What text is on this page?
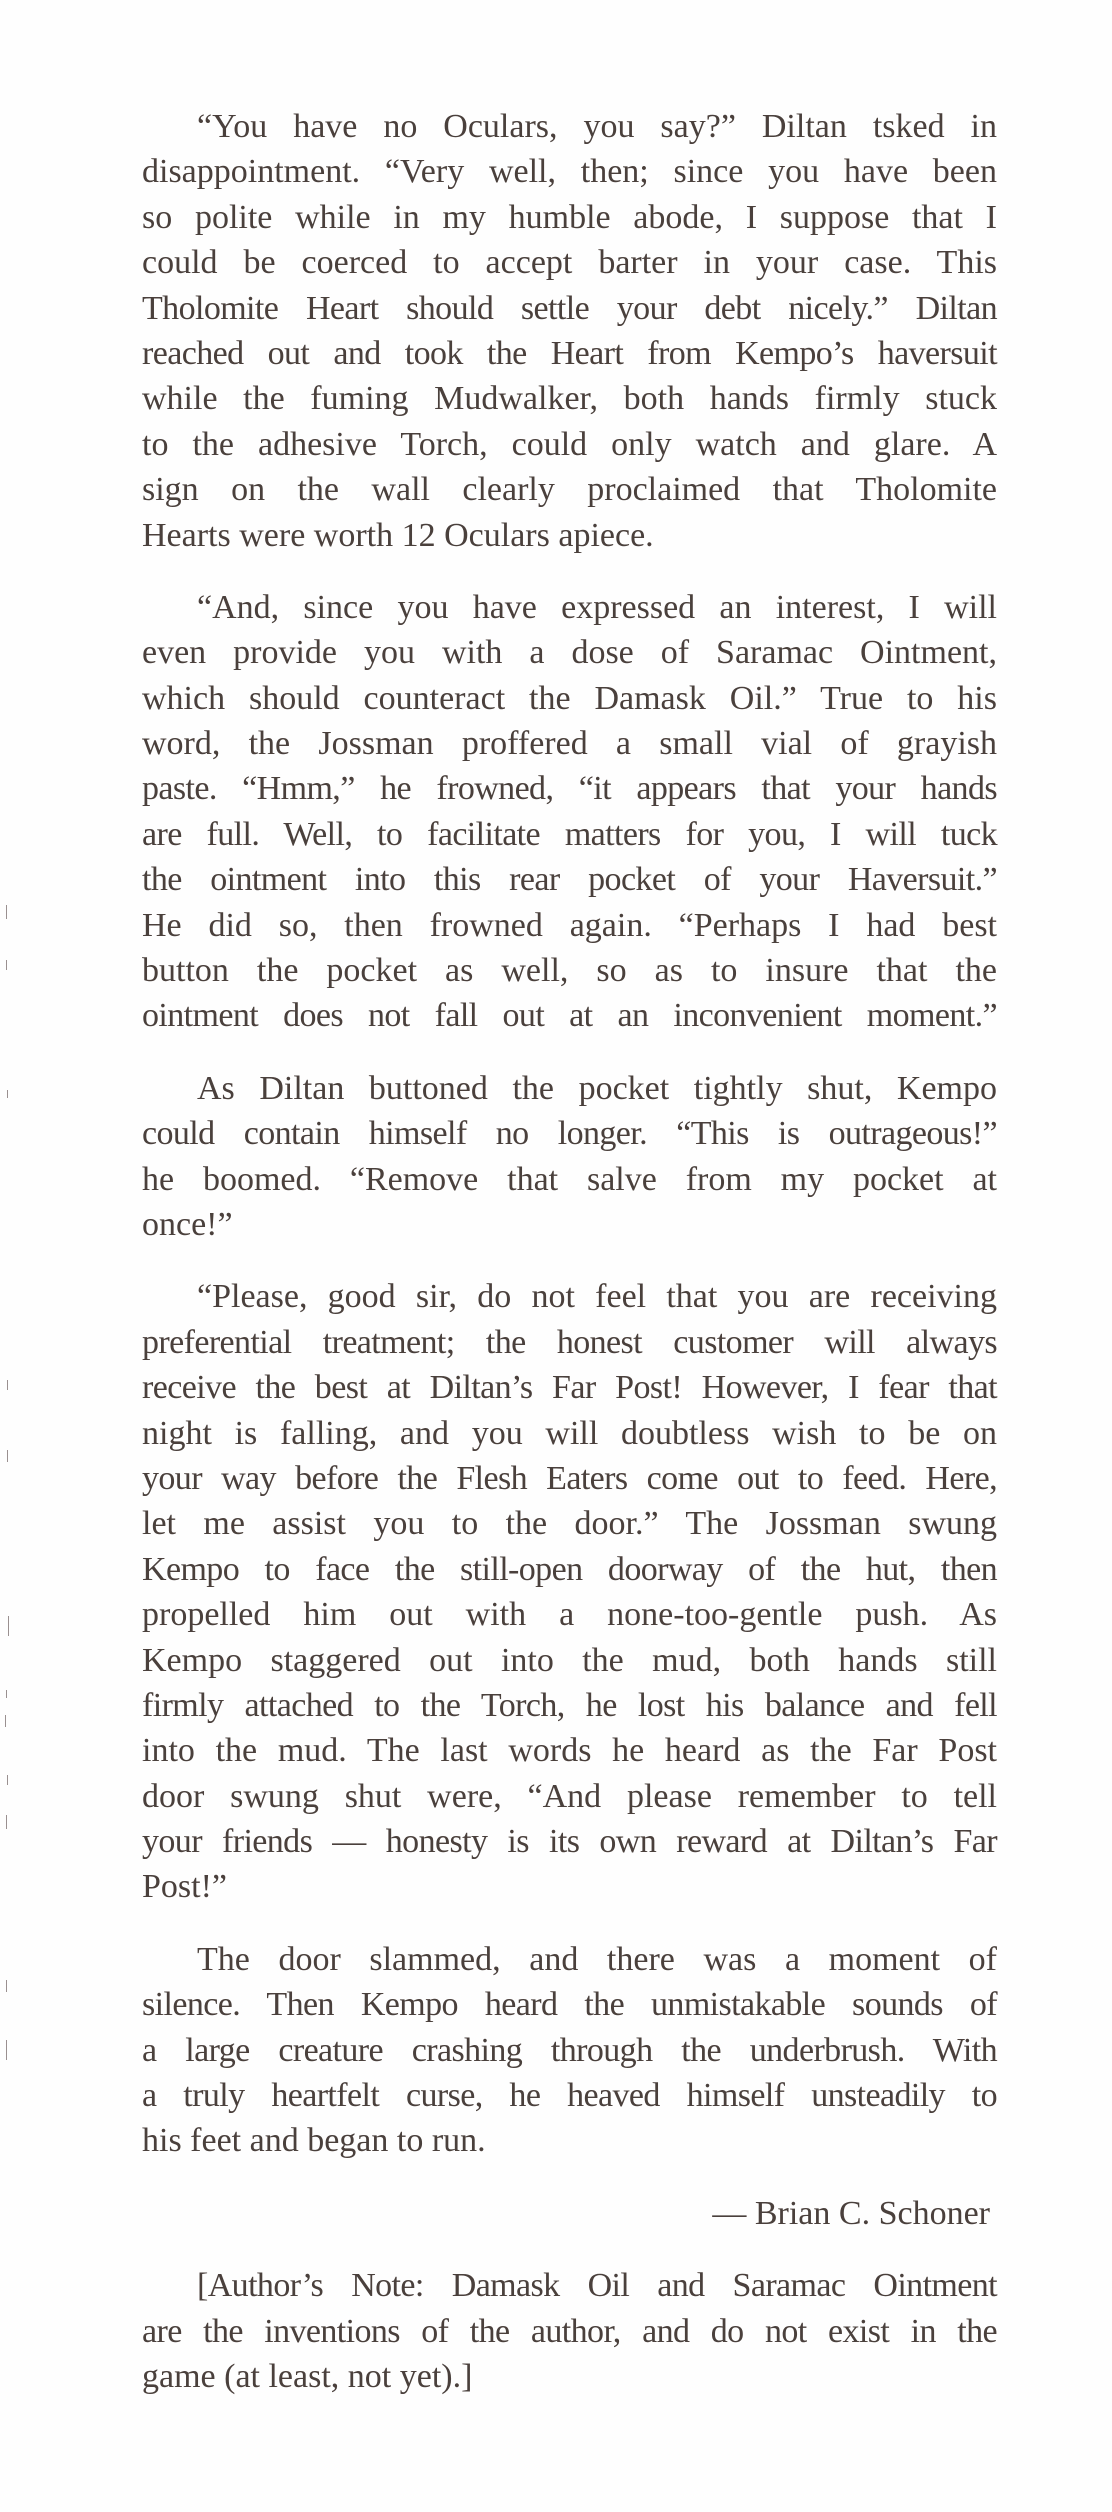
“You have no Oculars, you say?” Diltan tsked in
disappointment. “Very well, then; since you have been
so polite while in my humble abode, I suppose that I
could be coerced to accept barter in your case. This
Tholomite Heart should settle your debt nicely.” Diltan
reached out and took the Heart from Kempo’s haversuit
while the fuming Mudwalker, both hands firmly stuck
to the adhesive Torch, could only watch and glare. A
sign on the wall clearly proclaimed that Tholomite
Hearts were worth 12 Oculars apiece.
“And, since you have expressed an interest, I will
even provide you with a dose of Saramac Ointment,
which should counteract the Damask Oil.” True to his
word, the Jossman proffered a small vial of grayish
paste. “Hmm,” he frowned, “it appears that your hands
are full. Well, to facilitate matters for you, I will tuck
the ointment into this rear pocket of your Haversuit.”
He did so, then frowned again. “Perhaps I had best
button the pocket as well, so as to insure that the
ointment does not fall out at an inconvenient moment.”
As Diltan buttoned the pocket tightly shut, Kempo
could contain himself no longer. “This is outrageous!”
he boomed. “Remove that salve from my pocket at
once!”
“Please, good sir, do not feel that you are receiving
preferential treatment; the honest customer will always
receive the best at Diltan’s Far Post! However, I fear that
night is falling, and you will doubtless wish to be on
your way before the Flesh Eaters come out to feed. Here,
let me assist you to the door.” The Jossman swung
Kempo to face the still-open doorway of the hut, then
propelled him out with a none-too-gentle push. As
Kempo staggered out into the mud, both hands still
firmly attached to the Torch, he lost his balance and fell
into the mud. The last words he heard as the Far Post
door swung shut were, “And please remember to tell
your friends — honesty is its own reward at Diltan’s Far
Post!”
The door slammed, and there was a moment of
silence. Then Kempo heard the unmistakable sounds of
a large creature crashing through the underbrush. With
a truly heartfelt curse, he heaved himself unsteadily to
his feet and began to run.
— Brian C. Schoner
[Author’s Note: Damask Oil and Saramac Ointment
are the inventions of the author, and do not exist in the
game (at least, not yet).]
